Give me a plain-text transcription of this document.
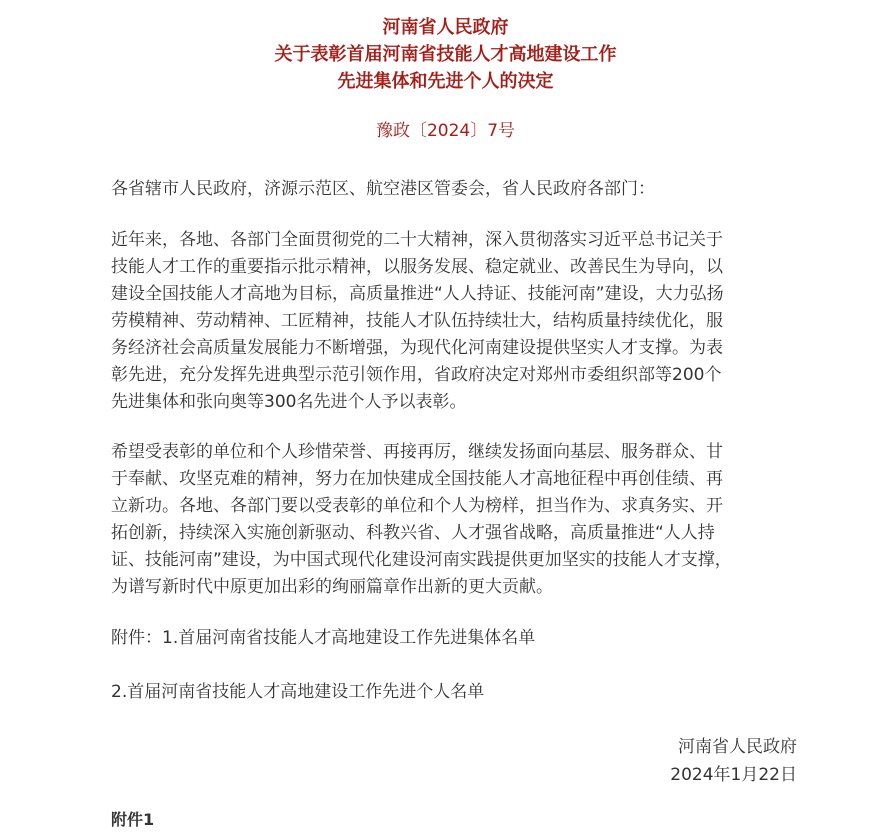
河南省人民政府
关于表彰首届河南省技能人才高地建设工作
先进集体和先进个人的决定
豫政〔2024〕7号

各省辖市人民政府，济源示范区、航空港区管委会，省人民政府各部门：

近年来，各地、各部门全面贯彻党的二十大精神，深入贯彻落实习近平总书记关于
技能人才工作的重要指示批示精神，以服务发展、稳定就业、改善民生为导向，以
建设全国技能人才高地为目标，高质量推进“人人持证、技能河南”建设，大力弘扬
劳模精神、劳动精神、工匠精神，技能人才队伍持续壮大，结构质量持续优化，服
务经济社会高质量发展能力不断增强，为现代化河南建设提供坚实人才支撑。为表
彰先进，充分发挥先进典型示范引领作用，省政府决定对郑州市委组织部等200个
先进集体和张向奥等300名先进个人予以表彰。

希望受表彰的单位和个人珍惜荣誉、再接再厉，继续发扬面向基层、服务群众、甘
于奉献、攻坚克难的精神，努力在加快建成全国技能人才高地征程中再创佳绩、再
立新功。各地、各部门要以受表彰的单位和个人为榜样，担当作为、求真务实、开
拓创新，持续深入实施创新驱动、科教兴省、人才强省战略，高质量推进“人人持
证、技能河南”建设，为中国式现代化建设河南实践提供更加坚实的技能人才支撑，
为谱写新时代中原更加出彩的绚丽篇章作出新的更大贡献。

附件：1.首届河南省技能人才高地建设工作先进集体名单

2.首届河南省技能人才高地建设工作先进个人名单

河南省人民政府
2024年1月22日
附件1
